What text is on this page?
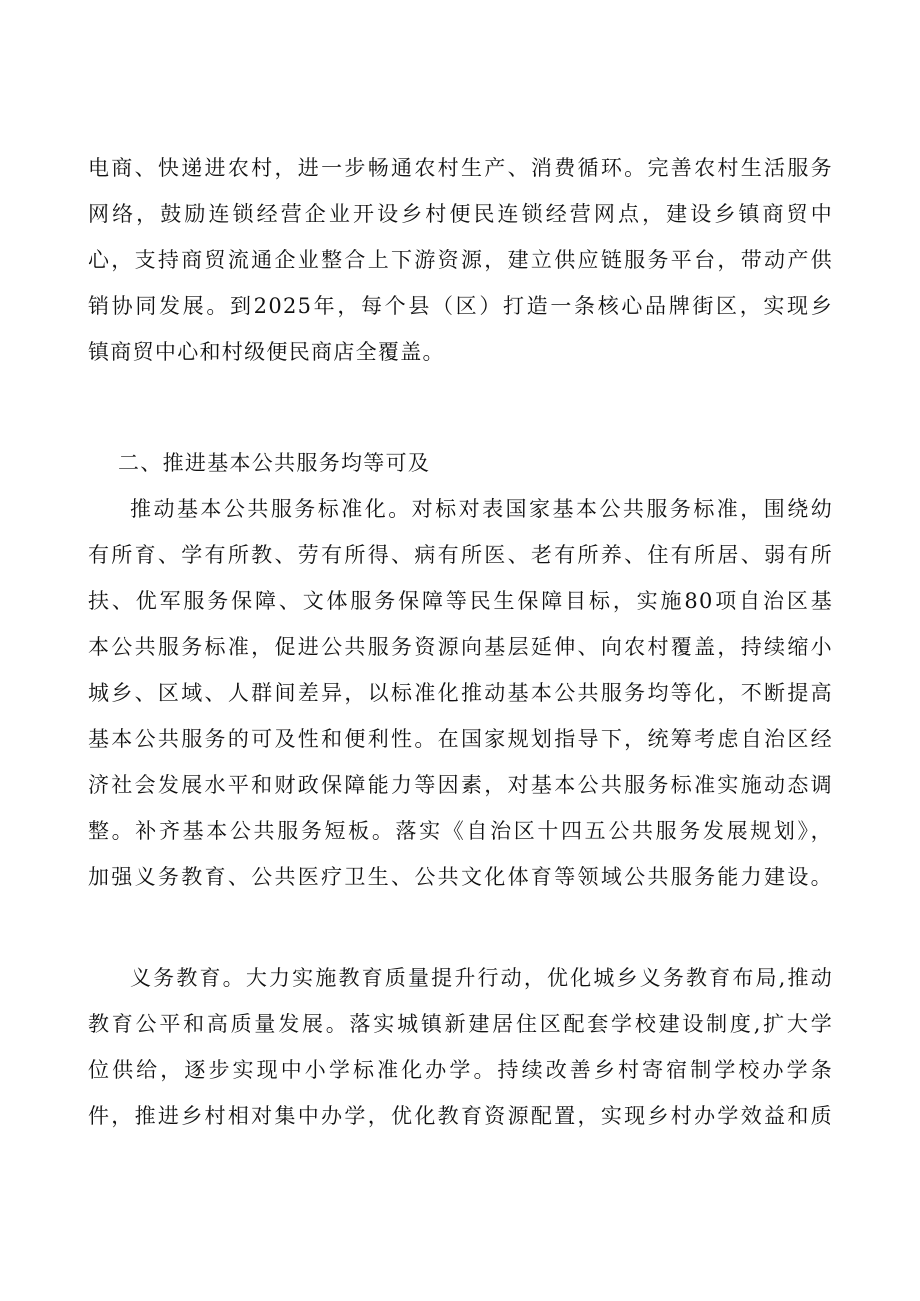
电商、快递进农村，进一步畅通农村生产、消费循环。完善农村生活服务
网络，鼓励连锁经营企业开设乡村便民连锁经营网点，建设乡镇商贸中
心，支持商贸流通企业整合上下游资源，建立供应链服务平台，带动产供
销协同发展。到2025年，每个县（区）打造一条核心品牌街区，实现乡
镇商贸中心和村级便民商店全覆盖。
二、推进基本公共服务均等可及
推动基本公共服务标准化。对标对表国家基本公共服务标准，围绕幼
有所育、学有所教、劳有所得、病有所医、老有所养、住有所居、弱有所
扶、优军服务保障、文体服务保障等民生保障目标，实施80项自治区基
本公共服务标准，促进公共服务资源向基层延伸、向农村覆盖，持续缩小
城乡、区域、人群间差异，以标准化推动基本公共服务均等化，不断提高
基本公共服务的可及性和便利性。在国家规划指导下，统筹考虑自治区经
济社会发展水平和财政保障能力等因素，对基本公共服务标准实施动态调
整。补齐基本公共服务短板。落实《自治区十四五公共服务发展规划》，
加强义务教育、公共医疗卫生、公共文化体育等领域公共服务能力建设。
义务教育。大力实施教育质量提升行动，优化城乡义务教育布局,推动
教育公平和高质量发展。落实城镇新建居住区配套学校建设制度,扩大学
位供给，逐步实现中小学标准化办学。持续改善乡村寄宿制学校办学条
件，推进乡村相对集中办学，优化教育资源配置，实现乡村办学效益和质
